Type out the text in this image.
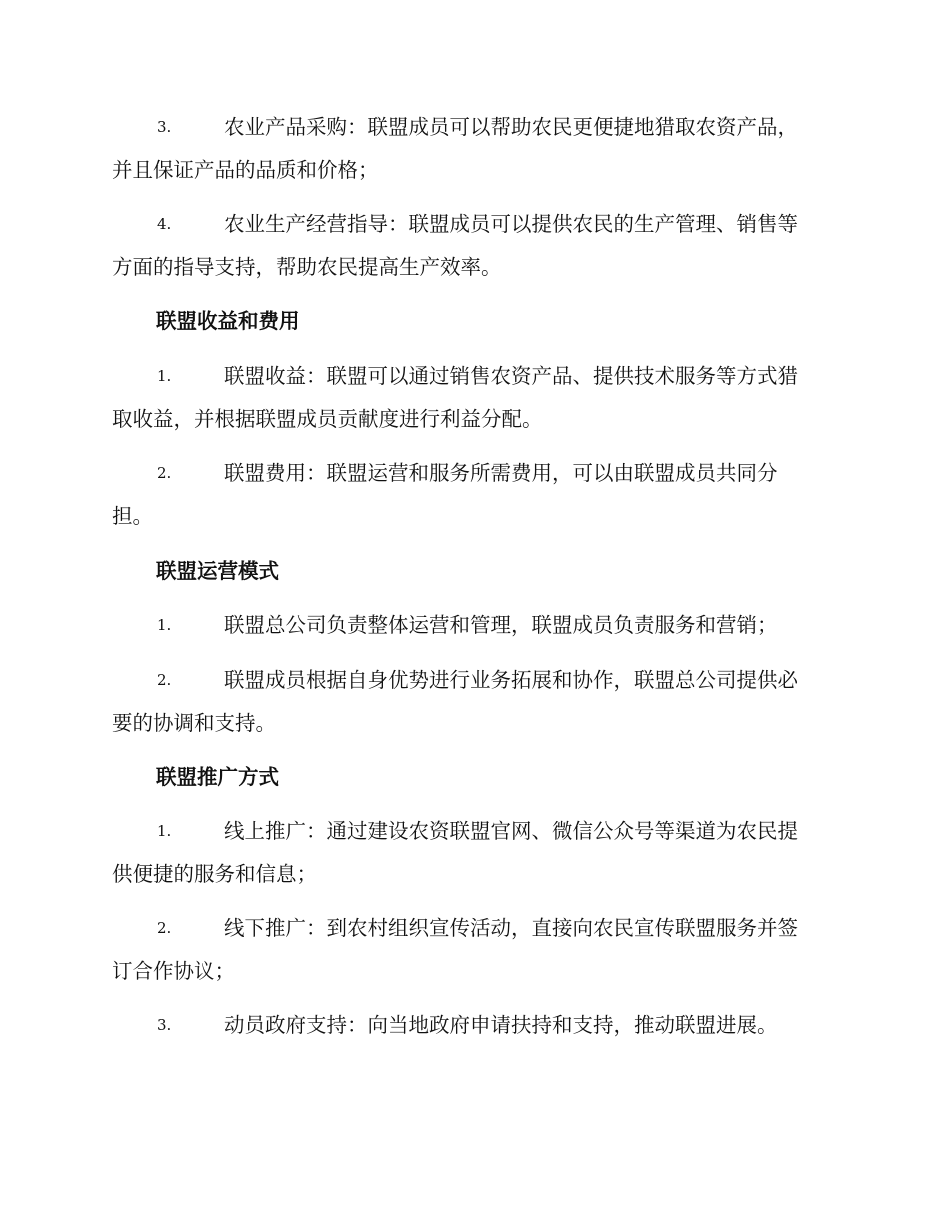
3.	农业产品采购：联盟成员可以帮助农民更便捷地猎取农资产品，
并且保证产品的品质和价格；
4.	农业生产经营指导：联盟成员可以提供农民的生产管理、销售等
方面的指导支持，帮助农民提高生产效率。
联盟收益和费用
1.	联盟收益：联盟可以通过销售农资产品、提供技术服务等方式猎
取收益，并根据联盟成员贡献度进行利益分配。
2.	联盟费用：联盟运营和服务所需费用，可以由联盟成员共同分
担。
联盟运营模式
1.	联盟总公司负责整体运营和管理，联盟成员负责服务和营销；
2.	联盟成员根据自身优势进行业务拓展和协作，联盟总公司提供必
要的协调和支持。
联盟推广方式
1.	线上推广：通过建设农资联盟官网、微信公众号等渠道为农民提
供便捷的服务和信息；
2.	线下推广：到农村组织宣传活动，直接向农民宣传联盟服务并签
订合作协议；
3.	动员政府支持：向当地政府申请扶持和支持，推动联盟进展。
